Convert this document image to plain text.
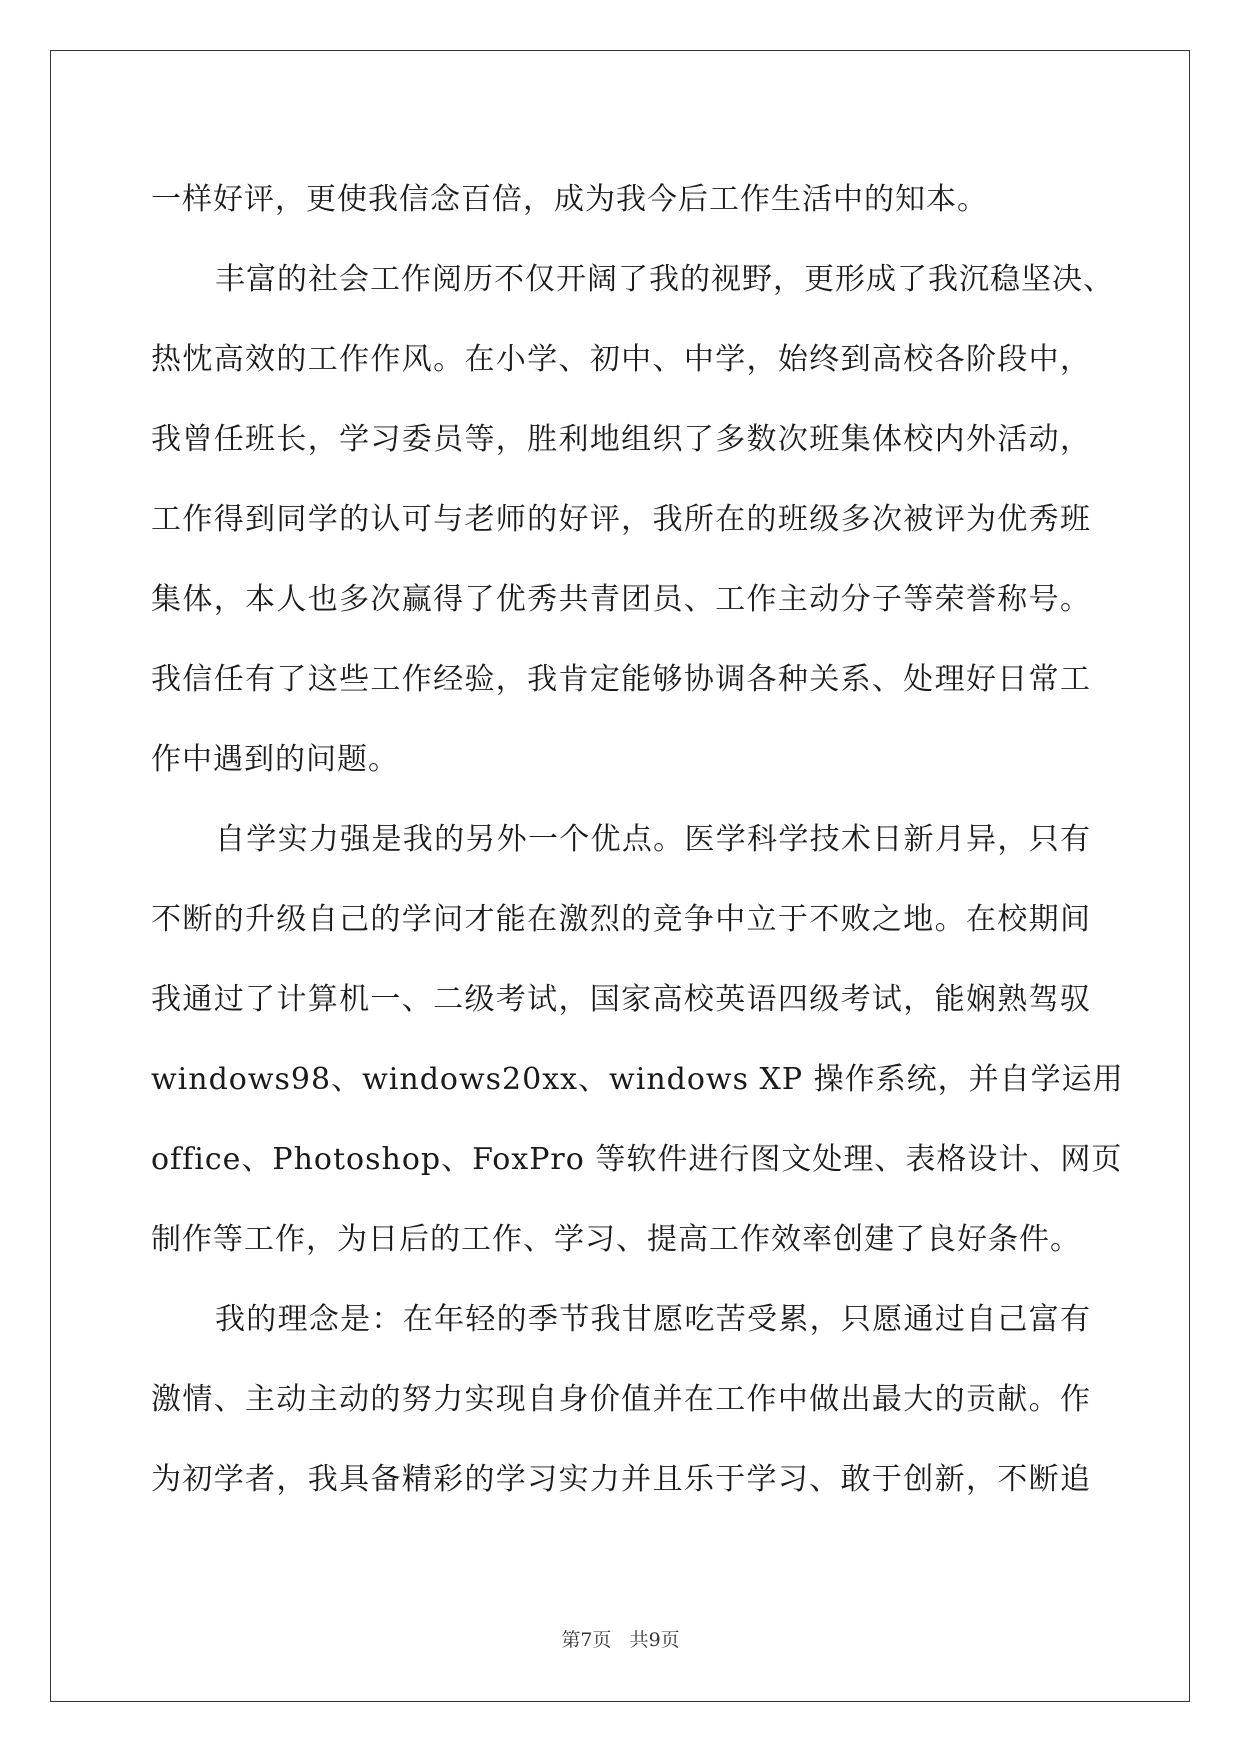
一样好评，更使我信念百倍，成为我今后工作生活中的知本。
丰富的社会工作阅历不仅开阔了我的视野，更形成了我沉稳坚决、
热忱高效的工作作风。在小学、初中、中学，始终到高校各阶段中，
我曾任班长，学习委员等，胜利地组织了多数次班集体校内外活动，
工作得到同学的认可与老师的好评，我所在的班级多次被评为优秀班
集体，本人也多次赢得了优秀共青团员、工作主动分子等荣誉称号。
我信任有了这些工作经验，我肯定能够协调各种关系、处理好日常工
作中遇到的问题。
自学实力强是我的另外一个优点。医学科学技术日新月异，只有
不断的升级自己的学问才能在激烈的竞争中立于不败之地。在校期间
我通过了计算机一、二级考试，国家高校英语四级考试，能娴熟驾驭
windows98、windows20xx、windows XP 操作系统，并自学运用
office、Photoshop、FoxPro 等软件进行图文处理、表格设计、网页
制作等工作，为日后的工作、学习、提高工作效率创建了良好条件。
我的理念是：在年轻的季节我甘愿吃苦受累，只愿通过自己富有
激情、主动主动的努力实现自身价值并在工作中做出最大的贡献。作
为初学者，我具备精彩的学习实力并且乐于学习、敢于创新，不断追
第7页 共9页
